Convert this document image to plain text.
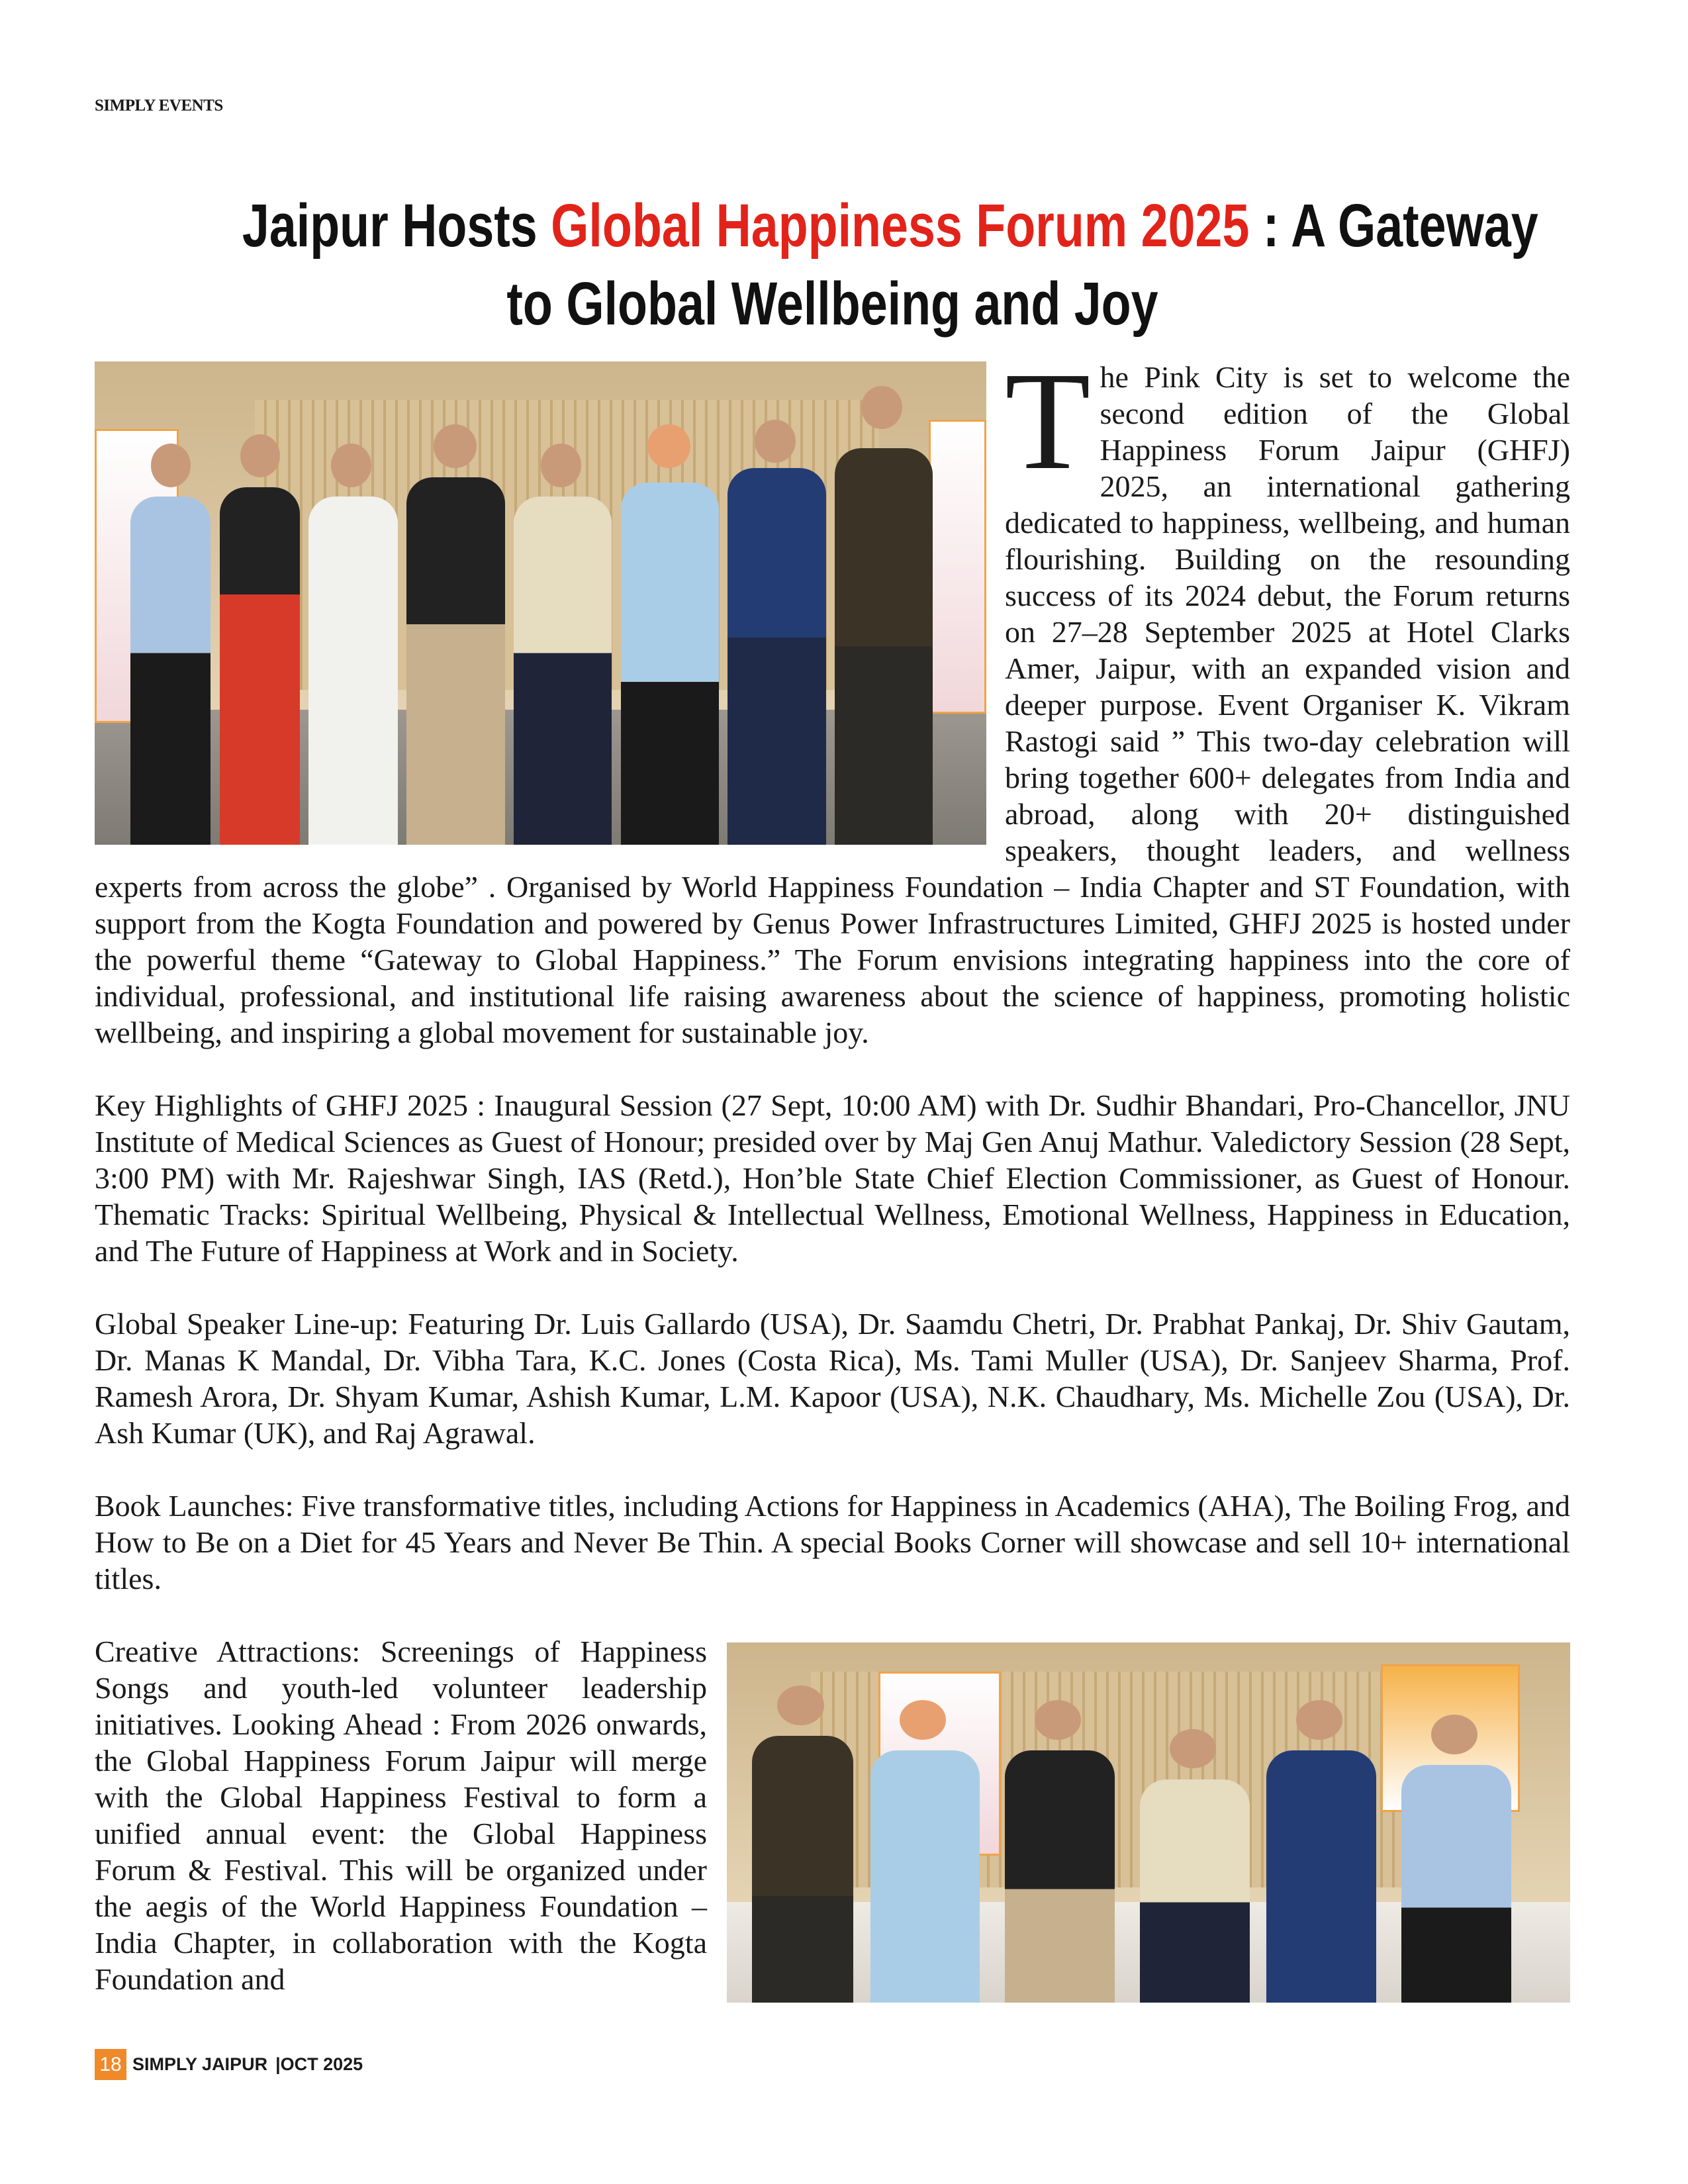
SIMPLY EVENTS
Jaipur Hosts Global Happiness Forum 2025 : A Gateway
to Global Wellbeing and Joy

The Pink City is set to welcome the second edition of the Global Happiness Forum Jaipur (GHFJ) 2025, an international gathering dedicated to happiness, wellbeing, and human flourishing. Building on the resounding success of its 2024 debut, the Forum returns on 27–28 September 2025 at Hotel Clarks Amer, Jaipur, with an expanded vision and deeper purpose. Event Organiser K. Vikram Rastogi said ” This two-day celebration will bring together 600+ delegates from India and abroad, along with 20+ distinguished speakers, thought leaders, and wellness experts from across the globe” . Organised by World Happiness Foundation – India Chapter and ST Foundation, with support from the Kogta Foundation and powered by Genus Power Infrastructures Limited, GHFJ 2025 is hosted under the powerful theme “Gateway to Global Happiness.” The Forum envisions integrating happiness into the core of individual, professional, and institutional life raising awareness about the science of happiness, promoting holistic wellbeing, and inspiring a global movement for sustainable joy.

Key Highlights of GHFJ 2025 : Inaugural Session (27 Sept, 10:00 AM) with Dr. Sudhir Bhandari, Pro-Chancellor, JNU Institute of Medical Sciences as Guest of Honour; presided over by Maj Gen Anuj Mathur. Valedictory Session (28 Sept, 3:00 PM) with Mr. Rajeshwar Singh, IAS (Retd.), Hon’ble State Chief Election Commissioner, as Guest of Honour. Thematic Tracks: Spiritual Wellbeing, Physical & Intellectual Wellness, Emotional Wellness, Happiness in Education, and The Future of Happiness at Work and in Society.

Global Speaker Line-up: Featuring Dr. Luis Gallardo (USA), Dr. Saamdu Chetri, Dr. Prabhat Pankaj, Dr. Shiv Gautam, Dr. Manas K Mandal, Dr. Vibha Tara, K.C. Jones (Costa Rica), Ms. Tami Muller (USA), Dr. Sanjeev Sharma, Prof. Ramesh Arora, Dr. Shyam Kumar, Ashish Kumar, L.M. Kapoor (USA), N.K. Chaudhary, Ms. Michelle Zou (USA), Dr. Ash Kumar (UK), and Raj Agrawal.

Book Launches: Five transformative titles, including Actions for Happiness in Academics (AHA), The Boiling Frog, and How to Be on a Diet for 45 Years and Never Be Thin. A special Books Corner will showcase and sell 10+ international titles.

Creative Attractions: Screenings of Happiness Songs and youth-led volunteer leadership initiatives. Looking Ahead : From 2026 onwards, the Global Happiness Forum Jaipur will merge with the Global Happiness Festival to form a unified annual event: the Global Happiness Forum & Festival. This will be organized under the aegis of the World Happiness Foundation – India Chapter, in collaboration with the Kogta Foundation and

18 SIMPLY JAIPUR |OCT 2025
